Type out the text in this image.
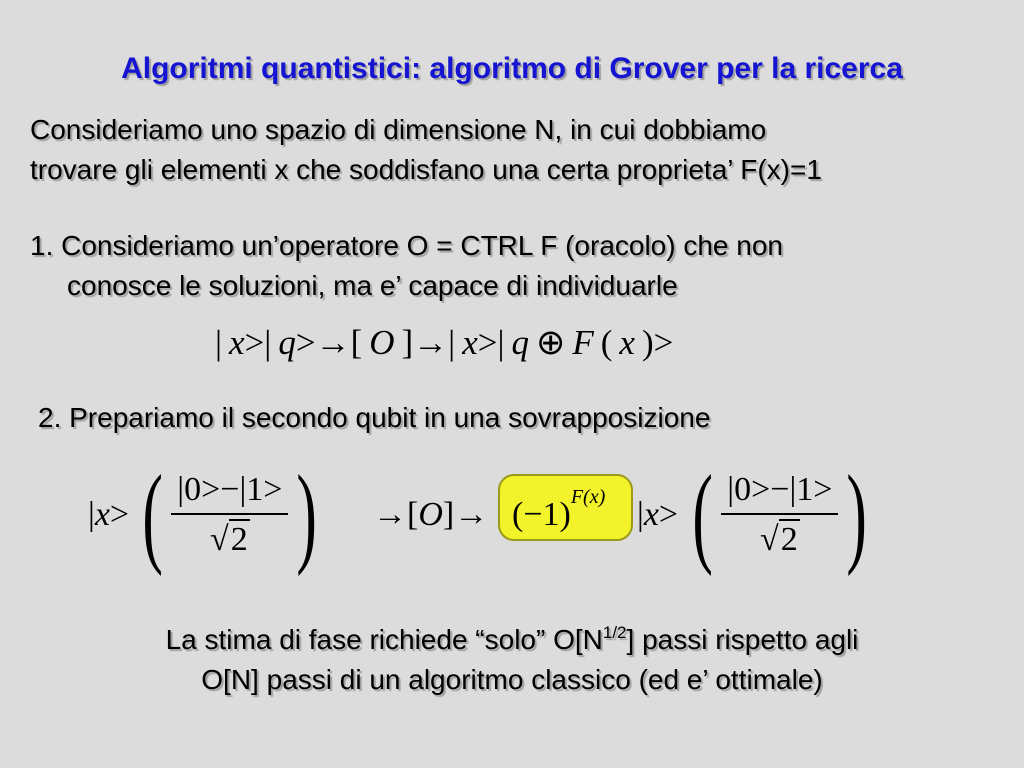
Algoritmi quantistici: algoritmo di Grover per la ricerca
Consideriamo uno spazio di dimensione N, in cui dobbiamo
trovare gli elementi x che soddisfano una certa proprieta’ F(x)=1
1. Consideriamo un’operatore O = CTRL F (oracolo) che non
conosce le soluzioni, ma e’ capace di individuarle
| x>| q>→[ O ]→| x>| q ⊕ F ( x )>
2. Prepariamo il secondo qubit in una sovrapposizione
| x > ( $\frac{|0>-|1>}{√2}$ ) →[ O ]→ (−1) F(x) | x > ( $\frac{|0>-|1>}{√2}$ )
La stima di fase richiede “solo” $O[N^{1/2}]$ passi rispetto agli
O[N] passi di un algoritmo classico (ed e’ ottimale)
